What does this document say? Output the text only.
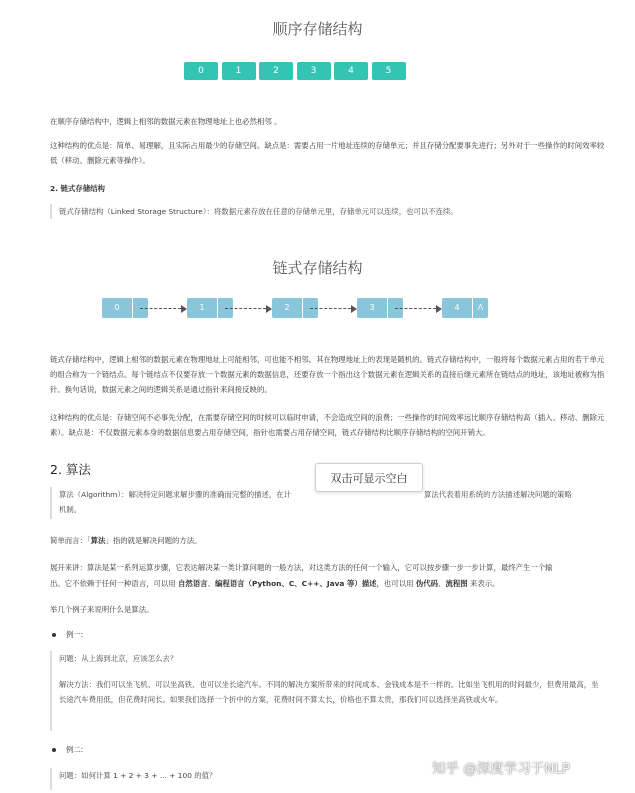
顺序存储结构
0	1	2	3	4	5
在顺序存储结构中，逻辑上相邻的数据元素在物理地址上也必然相邻 。
这种结构的优点是：简单、易理解，且实际占用最少的存储空间。缺点是：需要占用一片地址连续的存储单元；并且存储分配要事先进行；另外对于一些操作的时间效率较低（移动、删除元素等操作）。
2. 链式存储结构
链式存储结构（Linked Storage Structure）：将数据元素存放在任意的存储单元里，存储单元可以连续，也可以不连续。
链式存储结构
0	1	2	3	4	Λ
链式存储结构中，逻辑上相邻的数据元素在物理地址上可能相邻，可也能不相邻。其在物理地址上的表现是随机的。链式存储结构中，一般将每个数据元素占用的若干单元的组合称为一个链结点。每个链结点不仅要存放一个数据元素的数据信息，还要存放一个指出这个数据元素在逻辑关系的直接后继元素所在链结点的地址，该地址被称为指针。换句话说，数据元素之间的逻辑关系是通过指针来间接反映的。
这种结构的优点是：存储空间不必事先分配，在需要存储空间的时候可以临时申请，不会造成空间的浪费；一些操作的时间效率远比顺序存储结构高（插入、移动、删除元素）。缺点是：不仅数据元素本身的数据信息要占用存储空间，指针也需要占用存储空间，链式存储结构比顺序存储结构的空间开销大。
2. 算法
算法（Algorithm）：解决特定问题求解步骤的准确而完整的描述，在计	算法代表着用系统的方法描述解决问题的策略

机制。
简单而言：「算法」指的就是解决问题的方法。
展开来讲：算法是某一系列运算步骤，它表达解决某一类计算问题的一般方法，对这类方法的任何一个输入，它可以按步骤一步一步计算，最终产生一个输
出。它不依赖于任何一种语言，可以用 自然语言、编程语言（Python、C、C++、Java 等）描述，也可以用 伪代码、流程图 来表示。
举几个例子来说明什么是算法。
例一:
问题：从上海到北京，应该怎么去？
解决方法：我们可以坐飞机、可以坐高铁、也可以坐长途汽车。不同的解决方案所带来的时间成本、金钱成本是不一样的。比如坐飞机用的时间最少，但费用最高，坐长途汽车费用低，但花费时间长。如果我们选择一个折中的方案，花费时间不算太长，价格也不算太贵，那我们可以选择坐高铁或火车。
例二:
问题：如何计算 1 + 2 + 3 + ... + 100 的值？
双击可显示空白
知乎 @深度学习于NLP
